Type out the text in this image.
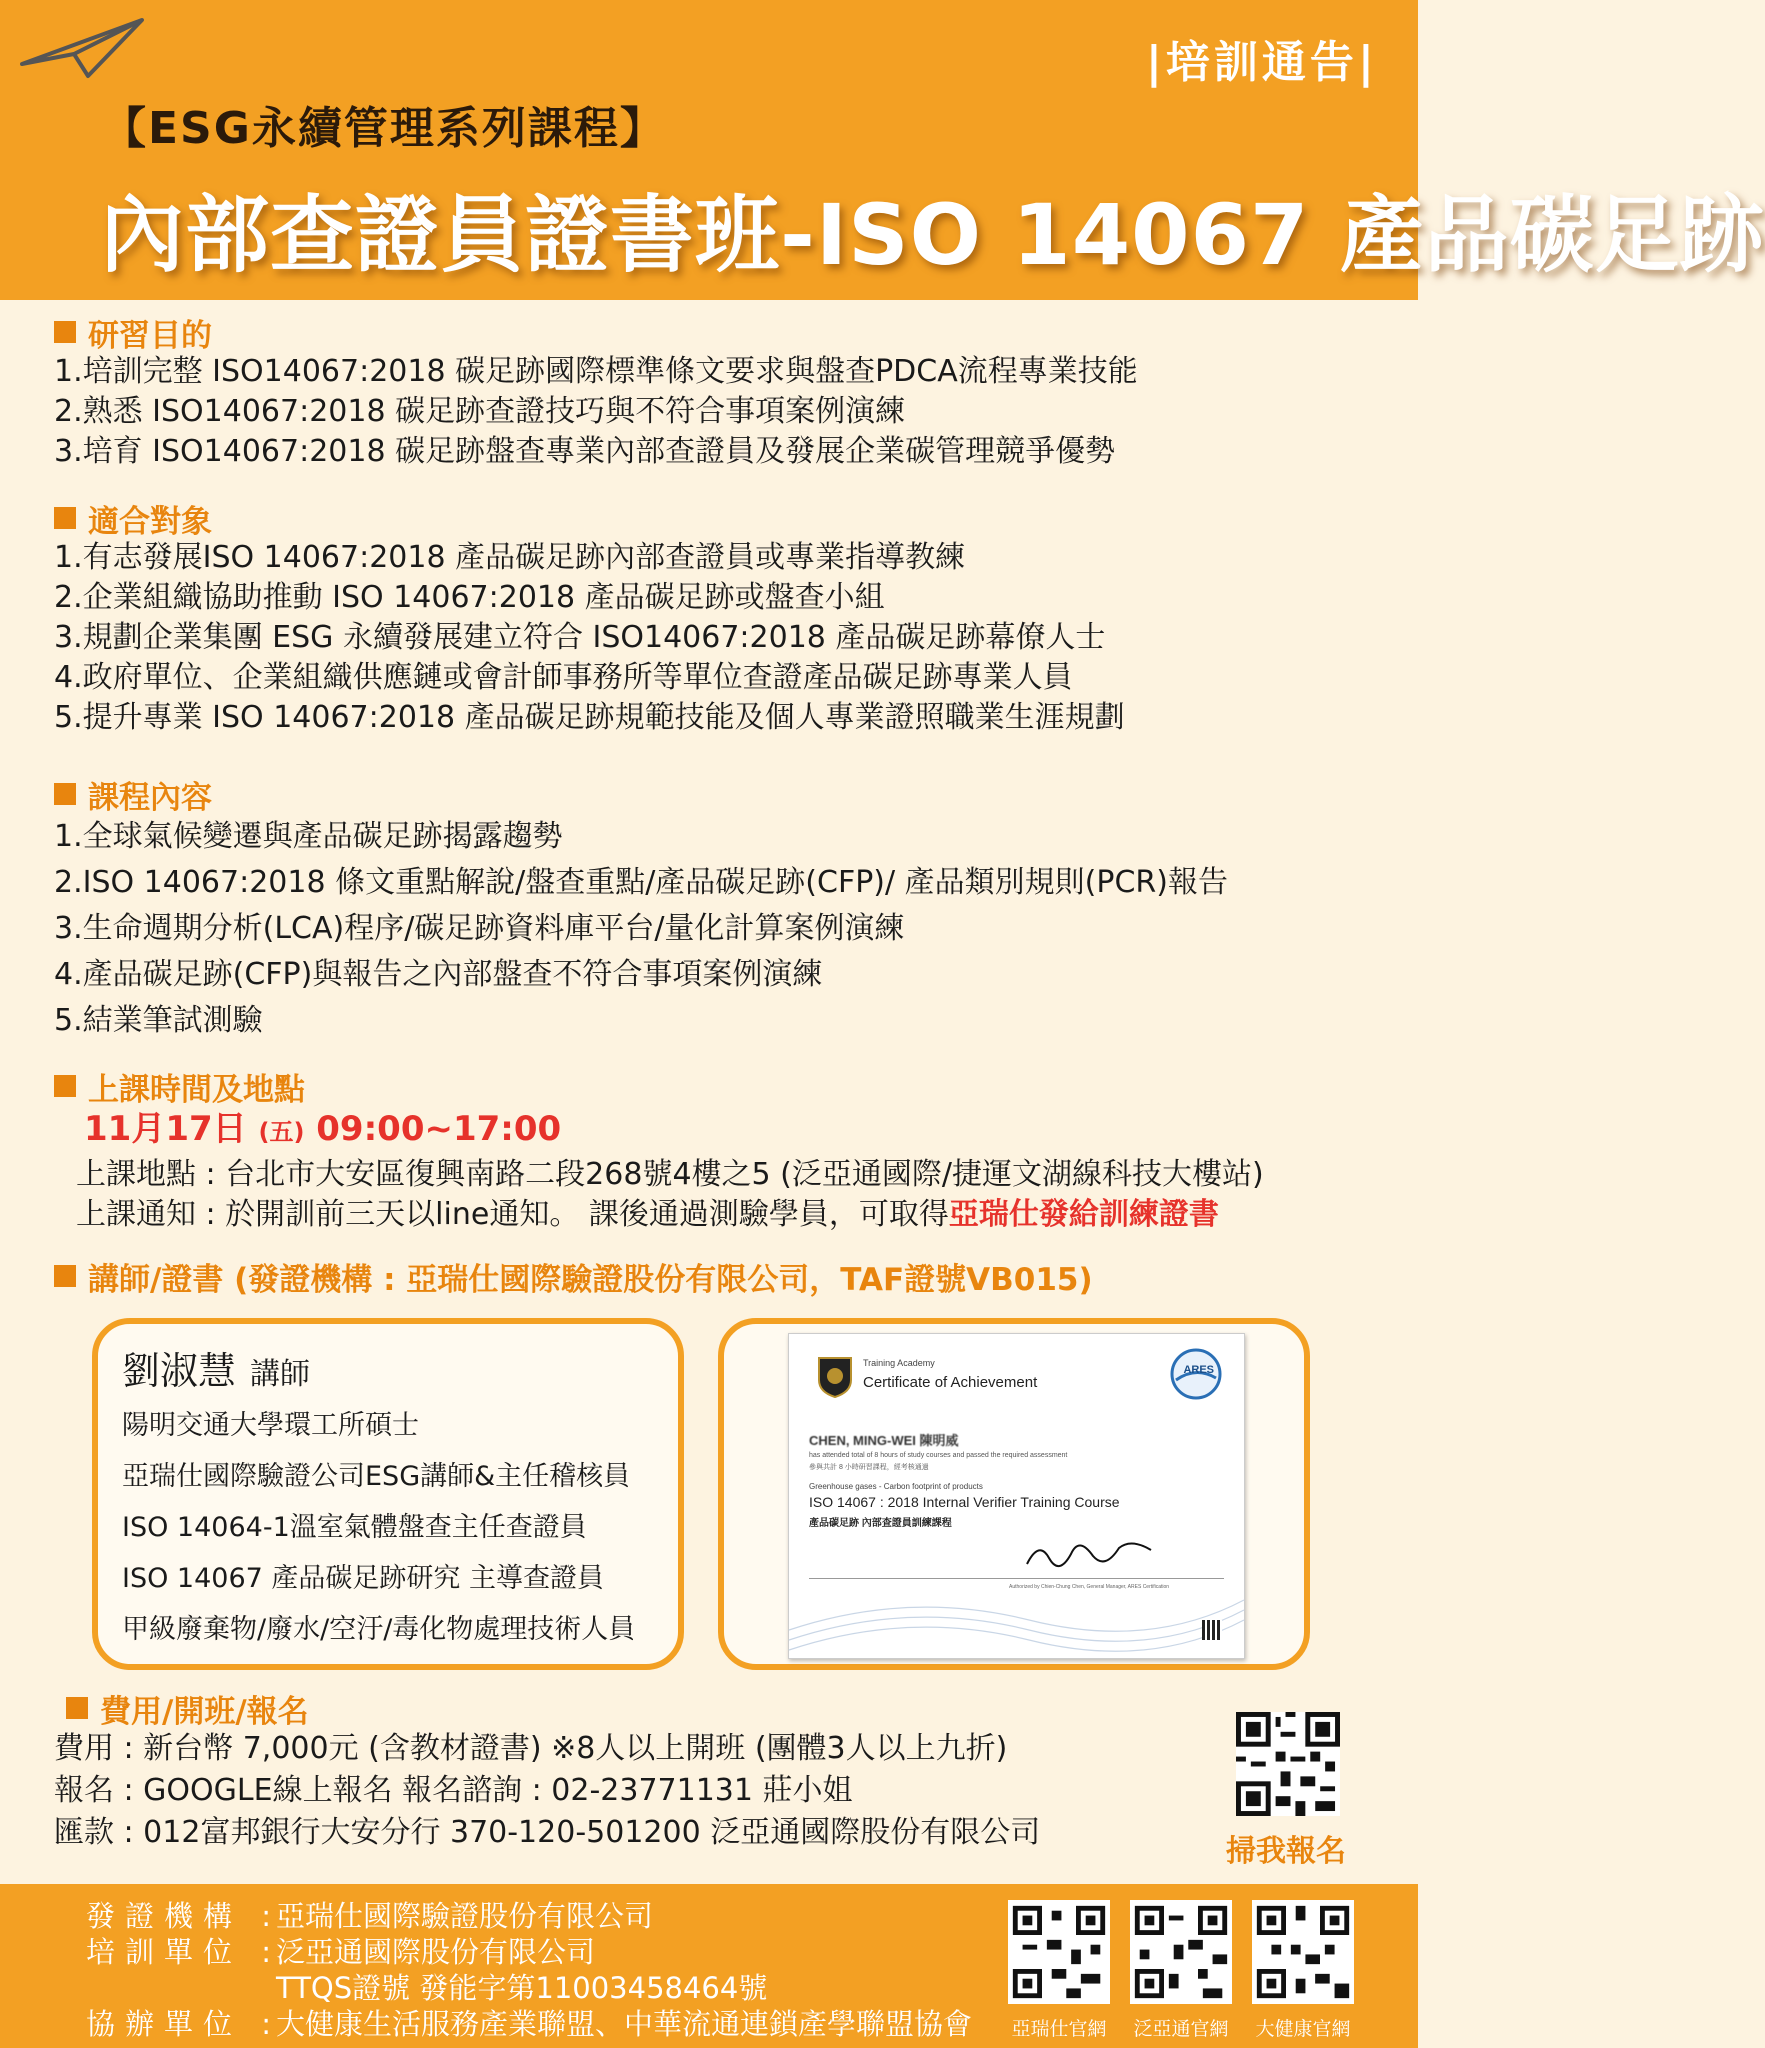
|培訓通告|
【ESG永續管理系列課程】
內部查證員證書班-ISO 14067 產品碳足跡
研習目的
1.培訓完整 ISO14067:2018 碳足跡國際標準條文要求與盤查PDCA流程專業技能
2.熟悉 ISO14067:2018 碳足跡查證技巧與不符合事項案例演練
3.培育 ISO14067:2018 碳足跡盤查專業內部查證員及發展企業碳管理競爭優勢
適合對象
1.有志發展ISO 14067:2018 產品碳足跡內部查證員或專業指導教練
2.企業組織協助推動 ISO 14067:2018 產品碳足跡或盤查小組
3.規劃企業集團 ESG 永續發展建立符合 ISO14067:2018 產品碳足跡幕僚人士
4.政府單位、企業組織供應鏈或會計師事務所等單位查證產品碳足跡專業人員
5.提升專業 ISO 14067:2018 產品碳足跡規範技能及個人專業證照職業生涯規劃
課程內容
1.全球氣候變遷與產品碳足跡揭露趨勢
2.ISO 14067:2018 條文重點解說/盤查重點/產品碳足跡(CFP)/ 產品類別規則(PCR)報告
3.生命週期分析(LCA)程序/碳足跡資料庫平台/量化計算案例演練
4.產品碳足跡(CFP)與報告之內部盤查不符合事項案例演練
5.結業筆試測驗
上課時間及地點
11月17日 (五) 09:00~17:00
上課地點 : 台北市大安區復興南路二段268號4樓之5 (泛亞通國際/捷運文湖線科技大樓站)
上課通知 : 於開訓前三天以line通知。 課後通過測驗學員，可取得亞瑞仕發給訓練證書
講師/證書 (發證機構 : 亞瑞仕國際驗證股份有限公司，TAF證號VB015)
劉淑慧 講師
陽明交通大學環工所碩士
亞瑞仕國際驗證公司ESG講師&主任稽核員
ISO 14064-1溫室氣體盤查主任查證員
ISO 14067 產品碳足跡研究 主導查證員
甲級廢棄物/廢水/空汙/毒化物處理技術人員
Training Academy
Certificate of Achievement
ARES
CHEN, MING-WEI 陳明威
has attended total of 8 hours of study courses and passed the required assessment
參與共計 8 小時研習課程，經考核通過
Greenhouse gases - Carbon footprint of products
ISO 14067 : 2018 Internal Verifier Training Course
產品碳足跡 內部查證員訓練課程
Authorized by Chien-Chung Chen, General Manager, ARES Certification
費用/開班/報名
費用 : 新台幣 7,000元 (含教材證書) ※8人以上開班 (團體3人以上九折)
報名 : GOOGLE線上報名 報名諮詢 : 02-23771131 莊小姐
匯款 : 012富邦銀行大安分行 370-120-501200 泛亞通國際股份有限公司
掃我報名
發證機構 :亞瑞仕國際驗證股份有限公司
培訓單位 :泛亞通國際股份有限公司
TTQS證號 發能字第11003458464號
協辦單位 :大健康生活服務產業聯盟、中華流通連鎖產學聯盟協會	亞瑞仕官網	泛亞通官網	大健康官網
